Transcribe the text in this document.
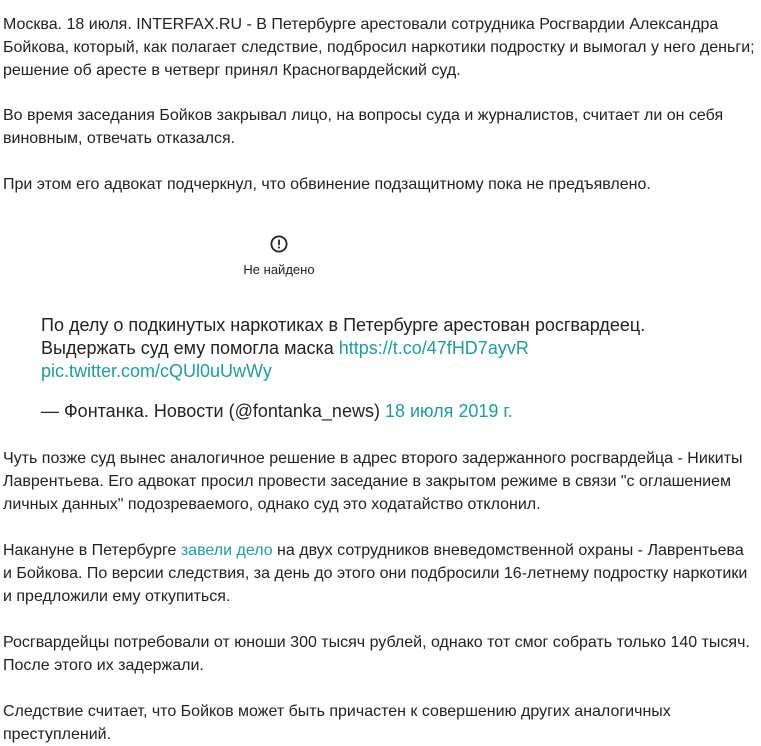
Москва. 18 июля. INTERFAX.RU - В Петербурге арестовали сотрудника Росгвардии Александра Бойкова, который, как полагает следствие, подбросил наркотики подростку и вымогал у него деньги; решение об аресте в четверг принял Красногвардейский суд.

Во время заседания Бойков закрывал лицо, на вопросы суда и журналистов, считает ли он себя виновным, отвечать отказался.

При этом его адвокат подчеркнул, что обвинение подзащитному пока не предъявлено.

Не найдено

По делу о подкинутых наркотиках в Петербурге арестован росгвардеец. Выдержать суд ему помогла маска https://t.co/47fHD7ayvR
pic.twitter.com/cQUl0uUwWy

— Фонтанка. Новости (@fontanka_news) 18 июля 2019 г.

Чуть позже суд вынес аналогичное решение в адрес второго задержанного росгвардейца - Никиты Лаврентьева. Его адвокат просил провести заседание в закрытом режиме в связи "с оглашением личных данных" подозреваемого, однако суд это ходатайство отклонил.

Накануне в Петербурге завели дело на двух сотрудников вневедомственной охраны - Лаврентьева и Бойкова. По версии следствия, за день до этого они подбросили 16-летнему подростку наркотики и предложили ему откупиться.

Росгвардейцы потребовали от юноши 300 тысяч рублей, однако тот смог собрать только 140 тысяч. После этого их задержали.

Следствие считает, что Бойков может быть причастен к совершению других аналогичных преступлений.
